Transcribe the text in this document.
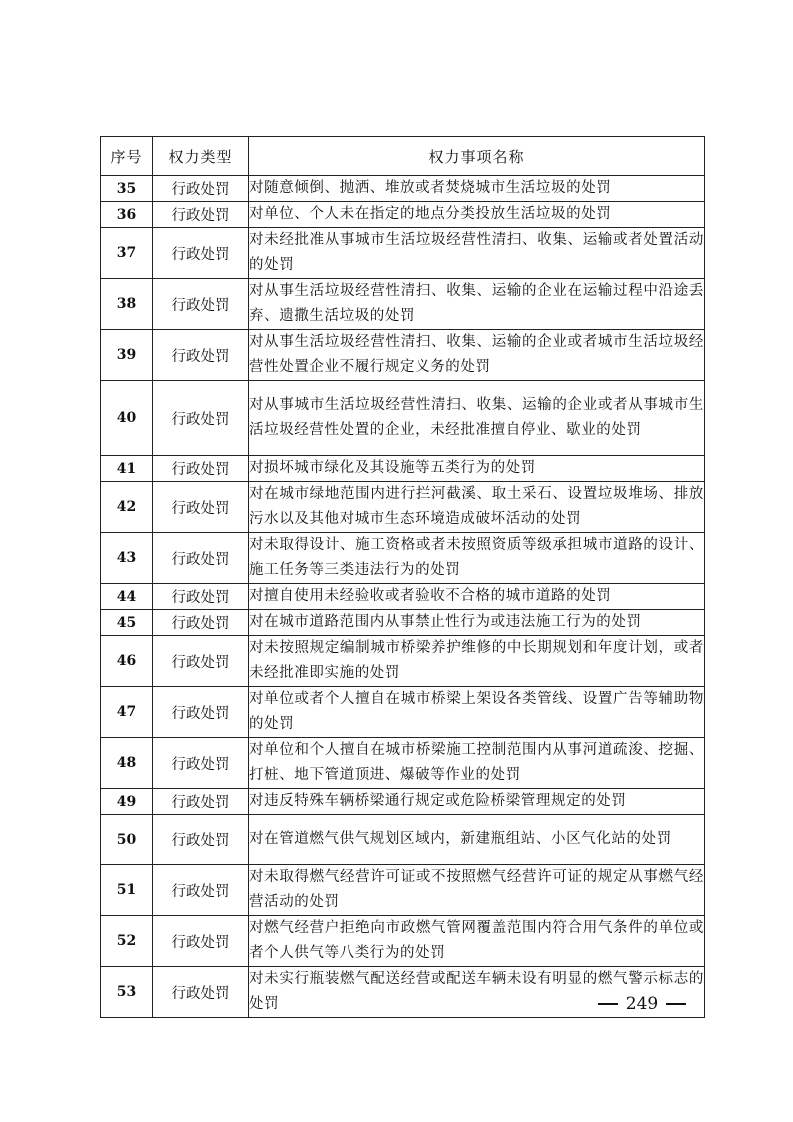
序号	权力类型	权力事项名称
35	行政处罚	对随意倾倒、抛洒、堆放或者焚烧城市生活垃圾的处罚
36	行政处罚	对单位、个人未在指定的地点分类投放生活垃圾的处罚
37	行政处罚	对未经批准从事城市生活垃圾经营性清扫、收集、运输或者处置活动的处罚
38	行政处罚	对从事生活垃圾经营性清扫、收集、运输的企业在运输过程中沿途丢弃、遗撒生活垃圾的处罚
39	行政处罚	对从事生活垃圾经营性清扫、收集、运输的企业或者城市生活垃圾经营性处置企业不履行规定义务的处罚
40	行政处罚	对从事城市生活垃圾经营性清扫、收集、运输的企业或者从事城市生活垃圾经营性处置的企业，未经批准擅自停业、歇业的处罚
41	行政处罚	对损坏城市绿化及其设施等五类行为的处罚
42	行政处罚	对在城市绿地范围内进行拦河截溪、取土采石、设置垃圾堆场、排放污水以及其他对城市生态环境造成破坏活动的处罚
43	行政处罚	对未取得设计、施工资格或者未按照资质等级承担城市道路的设计、施工任务等三类违法行为的处罚
44	行政处罚	对擅自使用未经验收或者验收不合格的城市道路的处罚
45	行政处罚	对在城市道路范围内从事禁止性行为或违法施工行为的处罚
46	行政处罚	对未按照规定编制城市桥梁养护维修的中长期规划和年度计划，或者未经批准即实施的处罚
47	行政处罚	对单位或者个人擅自在城市桥梁上架设各类管线、设置广告等辅助物的处罚
48	行政处罚	对单位和个人擅自在城市桥梁施工控制范围内从事河道疏浚、挖掘、打桩、地下管道顶进、爆破等作业的处罚
49	行政处罚	对违反特殊车辆桥梁通行规定或危险桥梁管理规定的处罚
50	行政处罚	对在管道燃气供气规划区域内，新建瓶组站、小区气化站的处罚
51	行政处罚	对未取得燃气经营许可证或不按照燃气经营许可证的规定从事燃气经营活动的处罚
52	行政处罚	对燃气经营户拒绝向市政燃气管网覆盖范围内符合用气条件的单位或者个人供气等八类行为的处罚
53	行政处罚	对未实行瓶装燃气配送经营或配送车辆未设有明显的燃气警示标志的处罚	249
